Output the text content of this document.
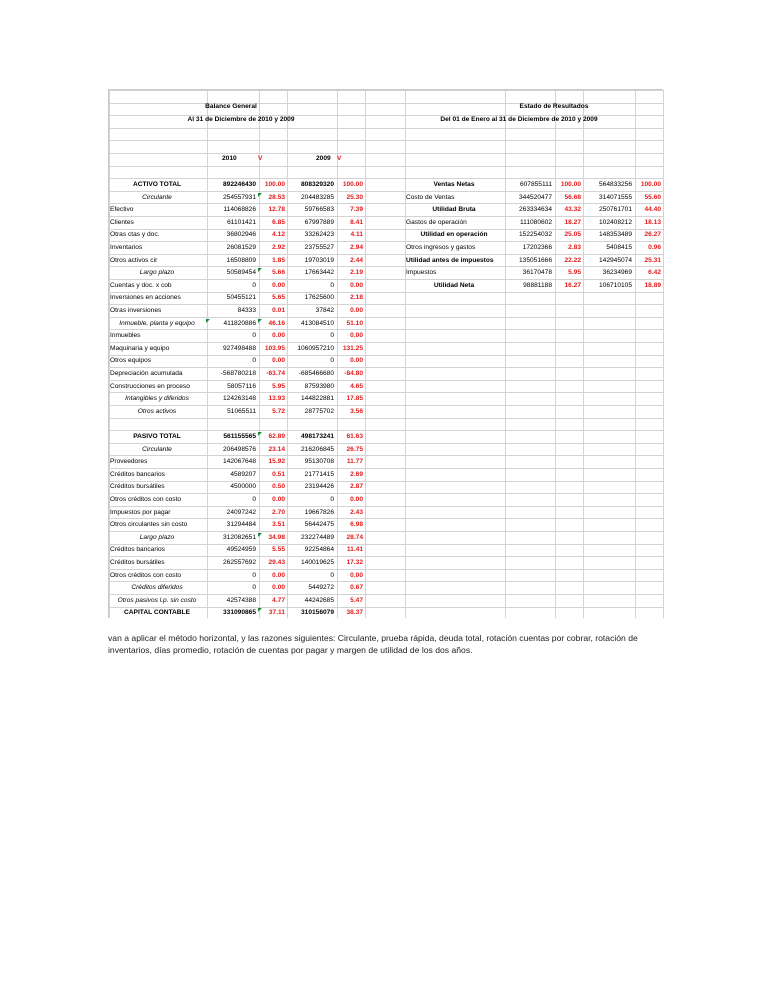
Balance General
Al 31 de Diciembre de 2010 y 2009
Estado de Resultados
Del 01 de Enero al 31 de Diciembre de 2010 y 2009
2010	V	2009 V
ACTIVO TOTAL	892246430	100.00	808329320	100.00
Circulante	254557931	28.53	204483285	25.30
Efectivo	114068826	12.78	59766583	7.39
Clientes	61101421	6.85	67997889	8.41
Otras ctas y doc.	36802946	4.12	33262423	4.11
Inventarios	26081529	2.92	23755527	2.94
Otros activos cir	16508809	1.85	19703019	2.44
Largo plazo	50589454	5.66	17663442	2.19
Cuentas y doc. x cob	0	0.00	0	0.00
Inversiones en acciones	50455121	5.65	17625600	2.18
Otras inversiones	84333	0.01	37842	0.00
Inmueble, planta y equipo	411820886	46.16	413084510	51.10
Inmuebles	0	0.00	0	0.00
Maquinaria y equipo	927498488	103.95	1060957210	131.25
Otros equipos	0	0.00	0	0.00
Depreciación acumulada	-568780218	-63.74	-685466680	-84.80
Construcciones en proceso	58057116	5.95	87593980	4.65
Intangibles y diferidos	124263148	13.93	144822881	17.85
Otros activos	51065511	5.72	28775702	3.56
PASIVO TOTAL	561155565	62.89	498173241	61.63
Circulante	206498576	23.14	216206845	26.75
Proveedores	142067648	15.92	95130708	11.77
Créditos bancarios	4589207	0.51	21771415	2.69
Créditos bursátiles	4500000	0.50	23194426	2.87
Otros créditos con costo	0	0.00	0	0.00
Impuestos por pagar	24097242	2.70	19667826	2.43
Otros circulantes sin costo	31294484	3.51	56442475	6.98
Largo plazo	312082651	34.98	232274489	28.74
Créditos bancarios	49524959	5.55	92254864	11.41
Créditos bursátiles	262557692	29.43	140019625	17.32
Otros créditos con costo	0	0.00	0	0.00
Créditos diferidos	0	0.00	5449272	0.67
Otros pasivos l.p. sin costo	42574388	4.77	44242685	5.47
CAPITAL CONTABLE	331090865	37.11	310156079	38.37
Ventas Netas	607855111	100.00	564833256	100.00
Costo de Ventas	344520477	56.68	314071555	55.60
Utilidad Bruta	263334634	43.32	250761701	44.40
Gastos de operación	111080602	18.27	102408212	18.13
Utilidad en operación	152254032	25.05	148353489	26.27
Otros ingresos y gastos	17202366	2.83	5408415	0.96
Utilidad antes de impuestos	135051666	22.22	142945074	25.31
Impuestos	36170478	5.95	36234969	6.42
Utilidad Neta	98881188	16.27	106710105	18.89
van a aplicar el método horizontal, y las razones siguientes: Circulante, prueba rápida, deuda total, rotación cuentas por cobrar, rotación de inventarios, días promedio, rotación de cuentas por pagar y margen de utilidad de los dos años.
